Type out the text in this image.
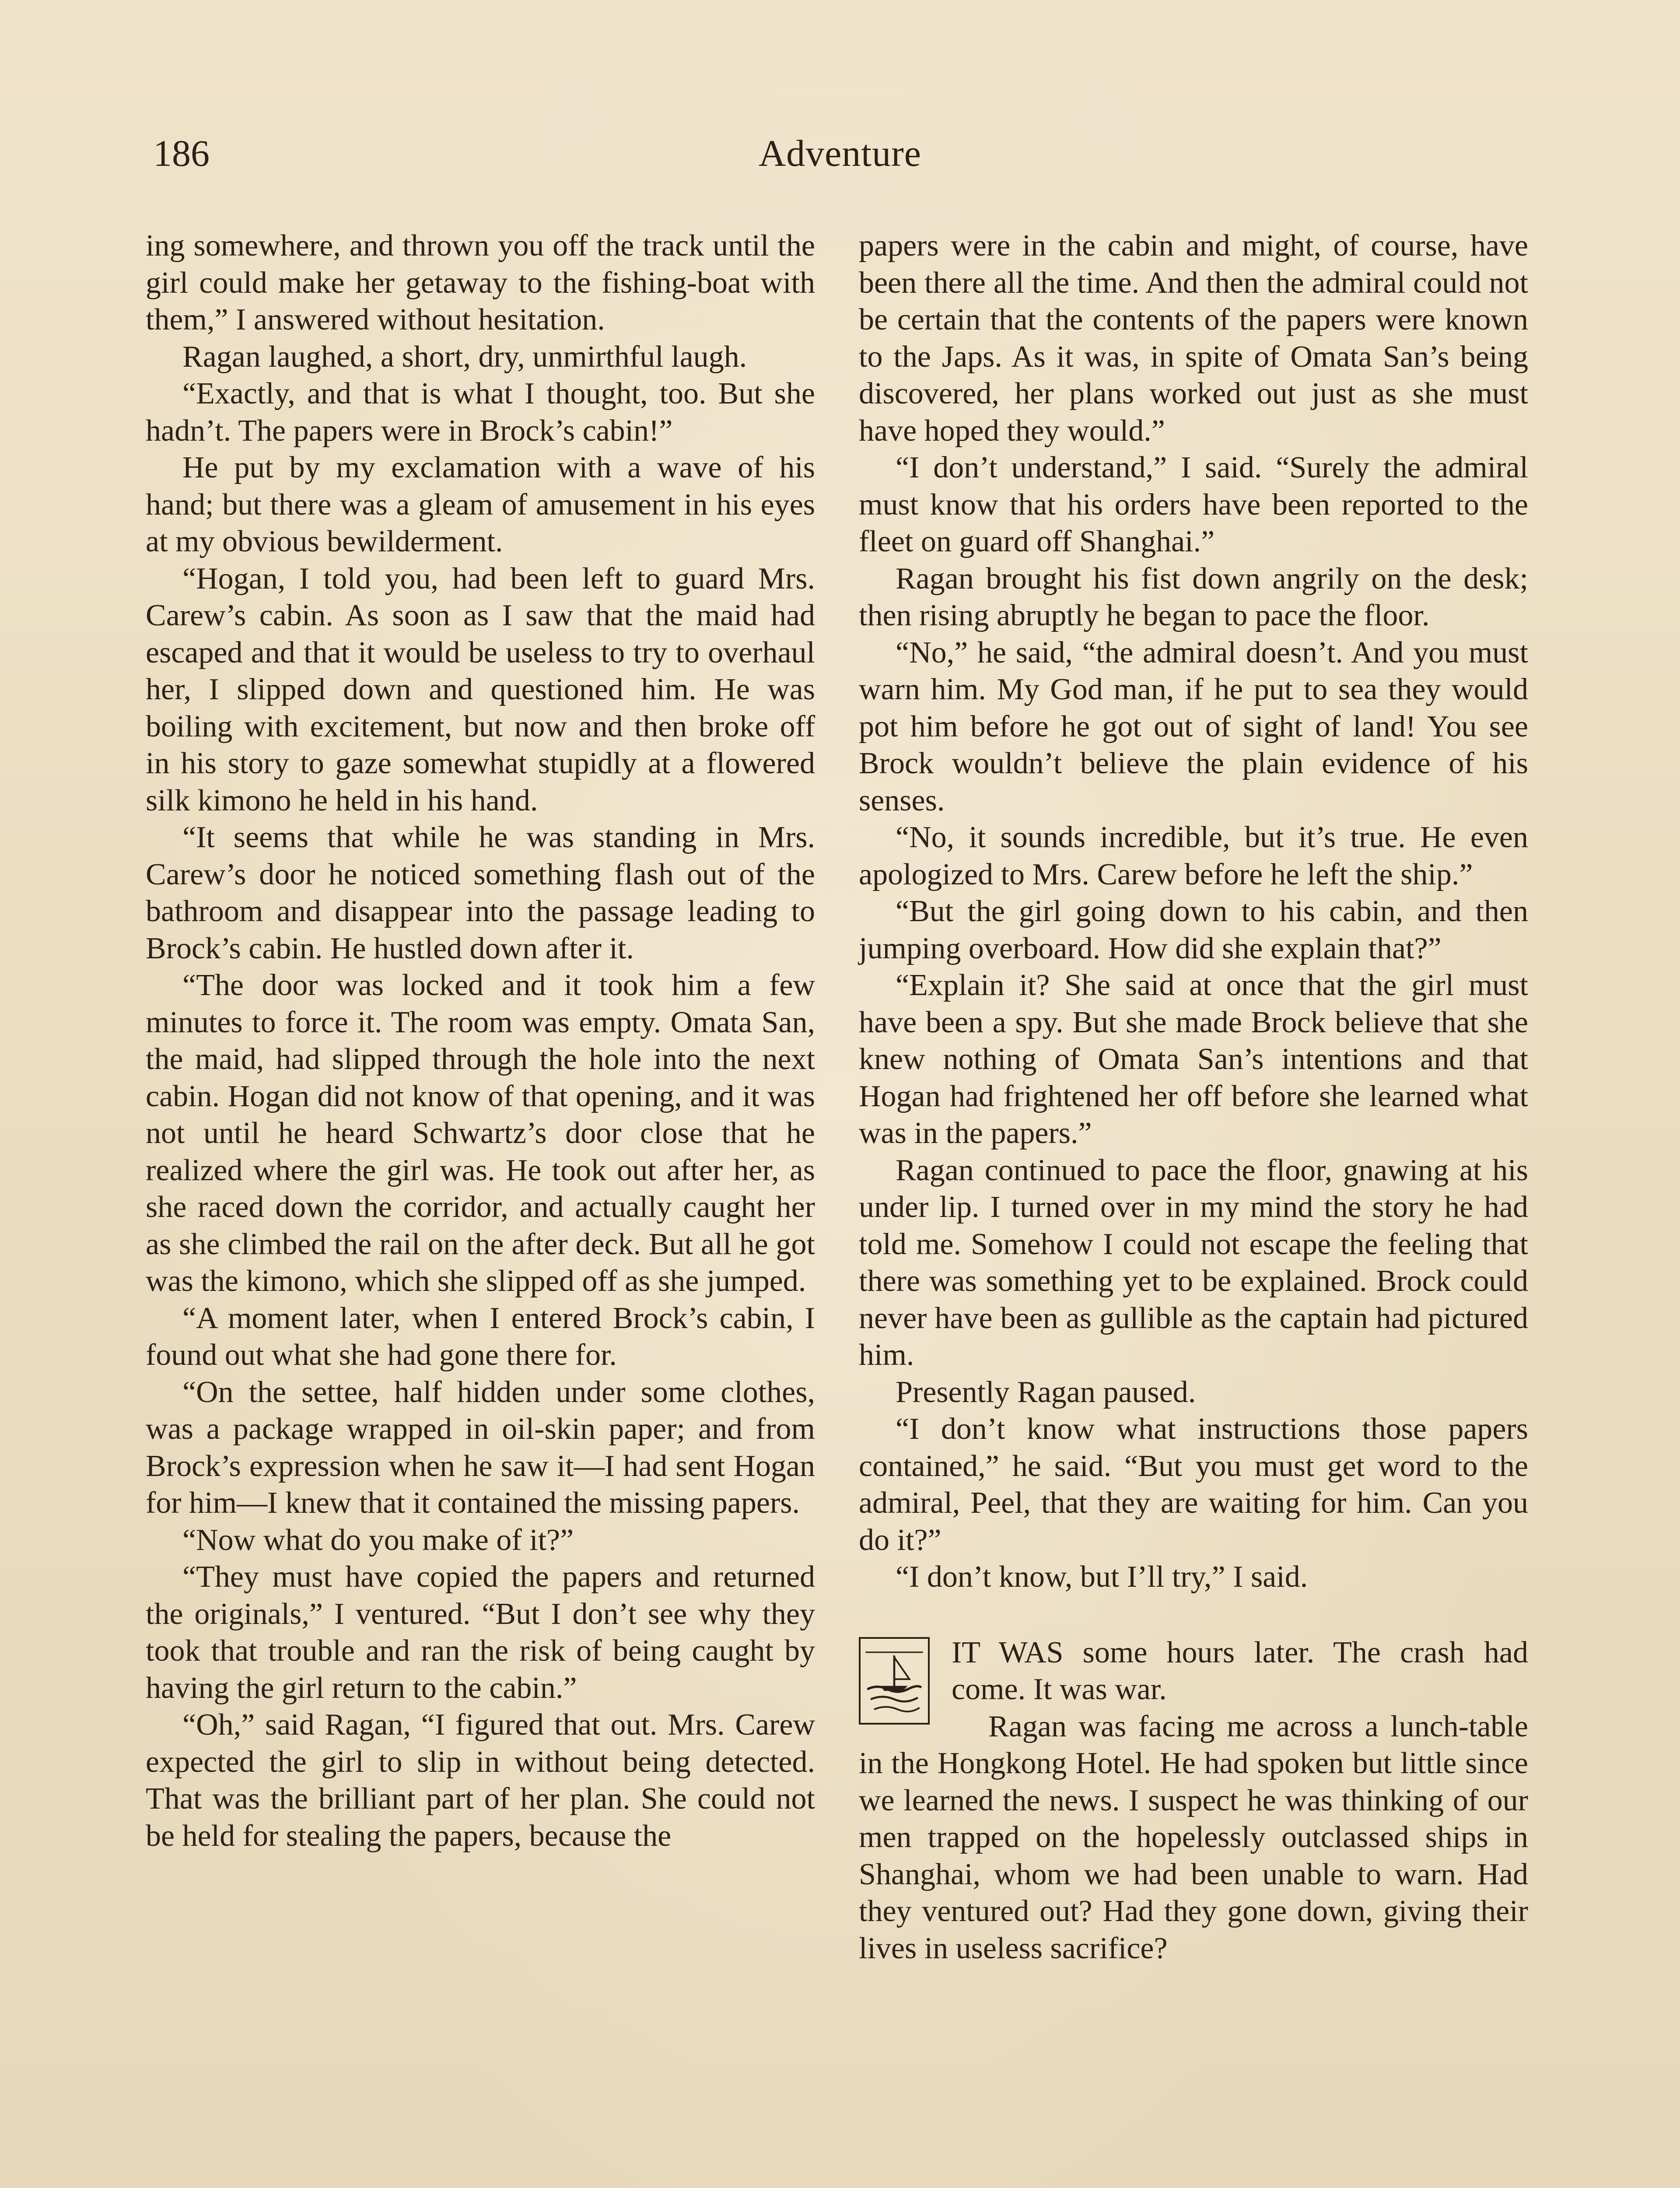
186	Adventure

ing somewhere, and thrown you off the track until the girl could make her getaway to the fishing-boat with them,” I answered without hesitation.

Ragan laughed, a short, dry, unmirthful laugh.

“Exactly, and that is what I thought, too. But she hadn’t. The papers were in Brock’s cabin!”

He put by my exclamation with a wave of his hand; but there was a gleam of amusement in his eyes at my obvious bewilderment.

“Hogan, I told you, had been left to guard Mrs. Carew’s cabin. As soon as I saw that the maid had escaped and that it would be useless to try to overhaul her, I slipped down and questioned him. He was boiling with excitement, but now and then broke off in his story to gaze somewhat stupidly at a flowered silk kimono he held in his hand.

“It seems that while he was standing in Mrs. Carew’s door he noticed something flash out of the bathroom and disappear into the passage leading to Brock’s cabin. He hustled down after it.

“The door was locked and it took him a few minutes to force it. The room was empty. Omata San, the maid, had slipped through the hole into the next cabin. Hogan did not know of that opening, and it was not until he heard Schwartz’s door close that he realized where the girl was. He took out after her, as she raced down the corridor, and actually caught her as she climbed the rail on the after deck. But all he got was the kimono, which she slipped off as she jumped.

“A moment later, when I entered Brock’s cabin, I found out what she had gone there for.

“On the settee, half hidden under some clothes, was a package wrapped in oil-skin paper; and from Brock’s expression when he saw it—I had sent Hogan for him—I knew that it contained the missing papers.

“Now what do you make of it?”

“They must have copied the papers and returned the originals,” I ventured. “But I don’t see why they took that trouble and ran the risk of being caught by having the girl return to the cabin.”

“Oh,” said Ragan, “I figured that out. Mrs. Carew expected the girl to slip in without being detected. That was the brilliant part of her plan. She could not be held for stealing the papers, because the

papers were in the cabin and might, of course, have been there all the time. And then the admiral could not be certain that the contents of the papers were known to the Japs. As it was, in spite of Omata San’s being discovered, her plans worked out just as she must have hoped they would.”

“I don’t understand,” I said. “Surely the admiral must know that his orders have been reported to the fleet on guard off Shanghai.”

Ragan brought his fist down angrily on the desk; then rising abruptly he began to pace the floor.

“No,” he said, “the admiral doesn’t. And you must warn him. My God man, if he put to sea they would pot him before he got out of sight of land! You see Brock wouldn’t believe the plain evidence of his senses.

“No, it sounds incredible, but it’s true. He even apologized to Mrs. Carew before he left the ship.”

“But the girl going down to his cabin, and then jumping overboard. How did she explain that?”

“Explain it? She said at once that the girl must have been a spy. But she made Brock believe that she knew nothing of Omata San’s intentions and that Hogan had frightened her off before she learned what was in the papers.”

Ragan continued to pace the floor, gnawing at his under lip. I turned over in my mind the story he had told me. Somehow I could not escape the feeling that there was something yet to be explained. Brock could never have been as gullible as the captain had pictured him.

Presently Ragan paused.

“I don’t know what instructions those papers contained,” he said. “But you must get word to the admiral, Peel, that they are waiting for him. Can you do it?”

“I don’t know, but I’ll try,” I said.

IT WAS some hours later. The crash had come. It was war.

Ragan was facing me across a lunch-table in the Hongkong Hotel. He had spoken but little since we learned the news. I suspect he was thinking of our men trapped on the hopelessly outclassed ships in Shanghai, whom we had been unable to warn. Had they ventured out? Had they gone down, giving their lives in useless sacrifice?
